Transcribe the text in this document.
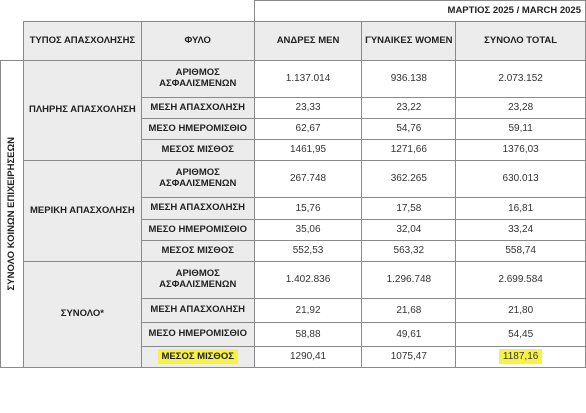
			ΜΑΡΤΙΟΣ 2025 / MARCH 2025		
	ΤΥΠΟΣ ΑΠΑΣΧΟΛΗΣΗΣ	ΦΥΛΟ	ΑΝΔΡΕΣ MEN	ΓΥΝΑΙΚΕΣ WOMEN	ΣΥΝΟΛΟ TOTAL

ΣΥΝΟΛΟ ΚΟΙΝΩΝ ΕΠΙΧΕΙΡΗΣΕΩΝ	ΠΛΗΡΗΣ ΑΠΑΣΧΟΛΗΣΗ	ΑΡΙΘΜΟΣ ΑΣΦΑΛΙΣΜΕΝΩΝ	1.137.014	936.138	2.073.152
		ΜΕΣΗ ΑΠΑΣΧΟΛΗΣΗ	23,33	23,22	23,28
		ΜΕΣΟ ΗΜΕΡΟΜΙΣΘΙΟ	62,67	54,76	59,11
		ΜΕΣΟΣ ΜΙΣΘΟΣ	1461,95	1271,66	1376,03
	ΜΕΡΙΚΗ ΑΠΑΣΧΟΛΗΣΗ	ΑΡΙΘΜΟΣ ΑΣΦΑΛΙΣΜΕΝΩΝ	267.748	362.265	630.013
		ΜΕΣΗ ΑΠΑΣΧΟΛΗΣΗ	15,76	17,58	16,81
		ΜΕΣΟ ΗΜΕΡΟΜΙΣΘΙΟ	35,06	32,04	33,24
		ΜΕΣΟΣ ΜΙΣΘΟΣ	552,53	563,32	558,74
	ΣΥΝΟΛΟ*	ΑΡΙΘΜΟΣ ΑΣΦΑΛΙΣΜΕΝΩΝ	1.402.836	1.296.748	2.699.584
		ΜΕΣΗ ΑΠΑΣΧΟΛΗΣΗ	21,92	21,68	21,80
		ΜΕΣΟ ΗΜΕΡΟΜΙΣΘΙΟ	58,88	49,61	54,45
		ΜΕΣΟΣ ΜΙΣΘΟΣ	1290,41	1075,47	1187,16
